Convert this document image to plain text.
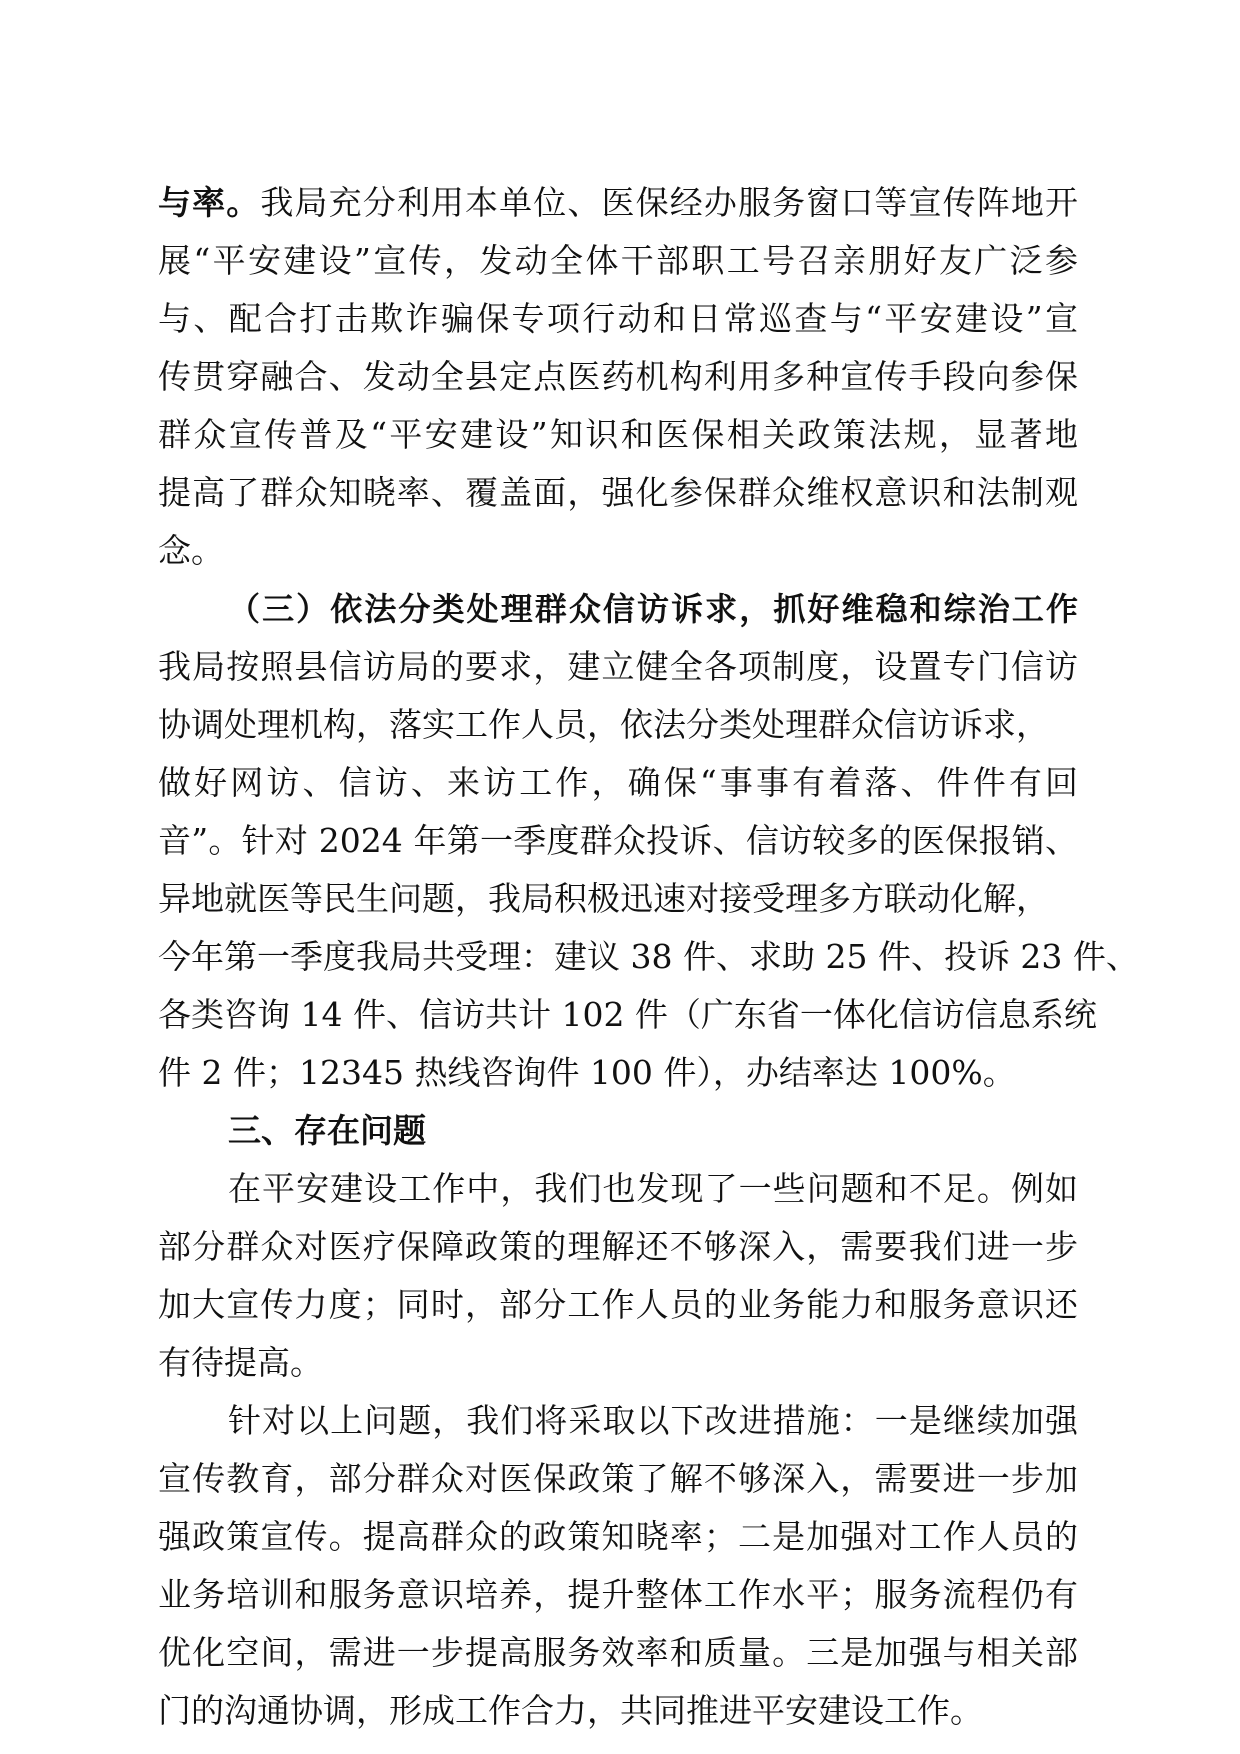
与率。我局充分利用本单位、医保经办服务窗口等宣传阵地开
展“平安建设”宣传，发动全体干部职工号召亲朋好友广泛参
与、配合打击欺诈骗保专项行动和日常巡查与“平安建设”宣
传贯穿融合、发动全县定点医药机构利用多种宣传手段向参保
群众宣传普及“平安建设”知识和医保相关政策法规，显著地
提高了群众知晓率、覆盖面，强化参保群众维权意识和法制观
念。
（三）依法分类处理群众信访诉求，抓好维稳和综治工作
我局按照县信访局的要求，建立健全各项制度，设置专门信访
协调处理机构，落实工作人员，依法分类处理群众信访诉求，
做好网访、信访、来访工作，确保“事事有着落、件件有回
音”。针对 2024 年第一季度群众投诉、信访较多的医保报销、
异地就医等民生问题，我局积极迅速对接受理多方联动化解，
今年第一季度我局共受理：建议 38 件、求助 25 件、投诉 23 件、
各类咨询 14 件、信访共计 102 件（广东省一体化信访信息系统
件 2 件；12345 热线咨询件 100 件），办结率达 100%。
三、存在问题
在平安建设工作中，我们也发现了一些问题和不足。例如
部分群众对医疗保障政策的理解还不够深入，需要我们进一步
加大宣传力度；同时，部分工作人员的业务能力和服务意识还
有待提高。
针对以上问题，我们将采取以下改进措施：一是继续加强
宣传教育，部分群众对医保政策了解不够深入，需要进一步加
强政策宣传。提高群众的政策知晓率；二是加强对工作人员的
业务培训和服务意识培养，提升整体工作水平；服务流程仍有
优化空间，需进一步提高服务效率和质量。三是加强与相关部
门的沟通协调，形成工作合力，共同推进平安建设工作。
